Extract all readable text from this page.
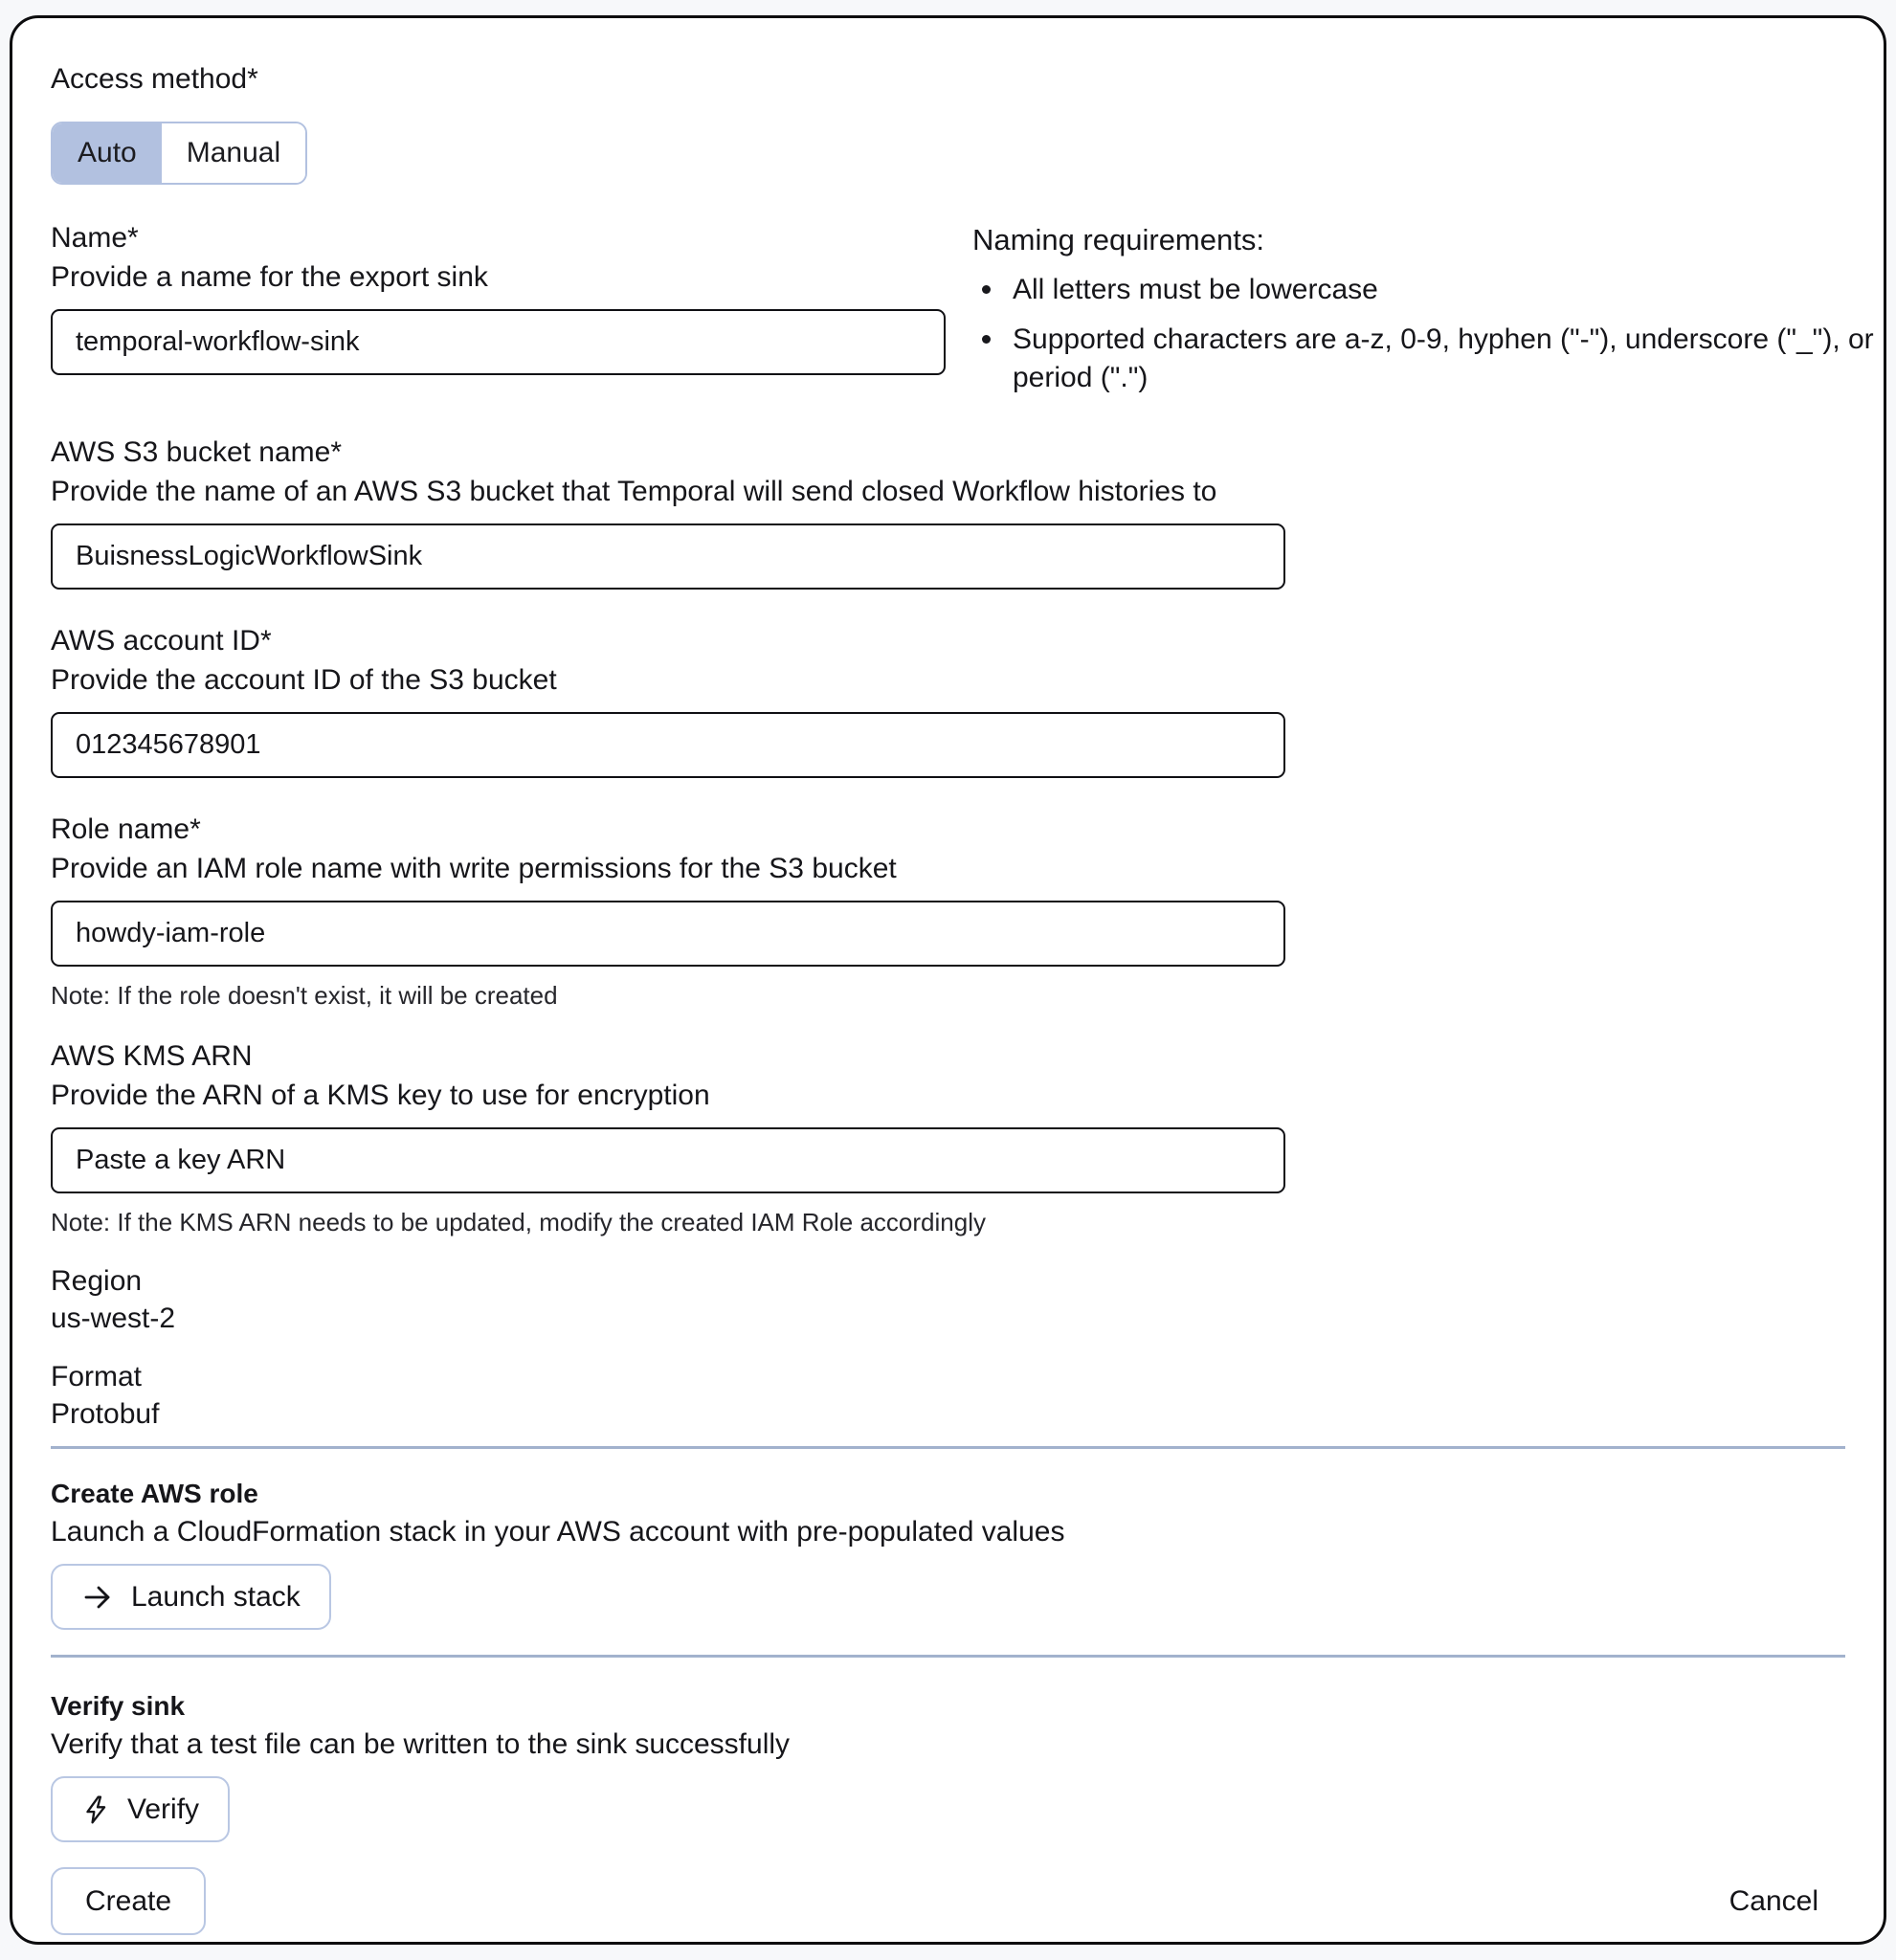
Access method*
Auto	Manual
Name*
Provide a name for the export sink
temporal-workflow-sink
Naming requirements:
All letters must be lowercase
Supported characters are a-z, 0-9, hyphen ("-"), underscore ("_"), or period (".")
AWS S3 bucket name*
Provide the name of an AWS S3 bucket that Temporal will send closed Workflow histories to
BuisnessLogicWorkflowSink
AWS account ID*
Provide the account ID of the S3 bucket
012345678901
Role name*
Provide an IAM role name with write permissions for the S3 bucket
howdy-iam-role
Note: If the role doesn't exist, it will be created
AWS KMS ARN
Provide the ARN of a KMS key to use for encryption
Paste a key ARN
Note: If the KMS ARN needs to be updated, modify the created IAM Role accordingly
Region
us-west-2
Format
Protobuf
Create AWS role
Launch a CloudFormation stack in your AWS account with pre-populated values
Launch stack
Verify sink
Verify that a test file can be written to the sink successfully
Verify
Create	Cancel
